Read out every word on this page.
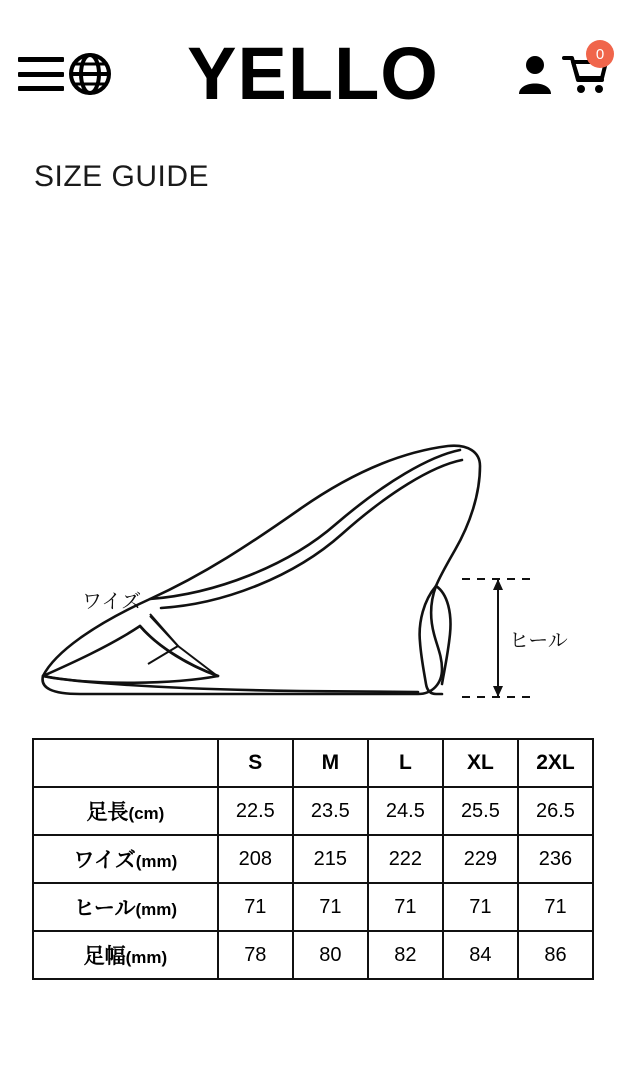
YELLO	0
SIZE GUIDE
ワイズ
ヒール
	S	M	L	XL	2XL
足長(cm)	22.5	23.5	24.5	25.5	26.5
ワイズ(mm)	208	215	222	229	236
ヒール(mm)	71	71	71	71	71
足幅(mm)	78	80	82	84	86
